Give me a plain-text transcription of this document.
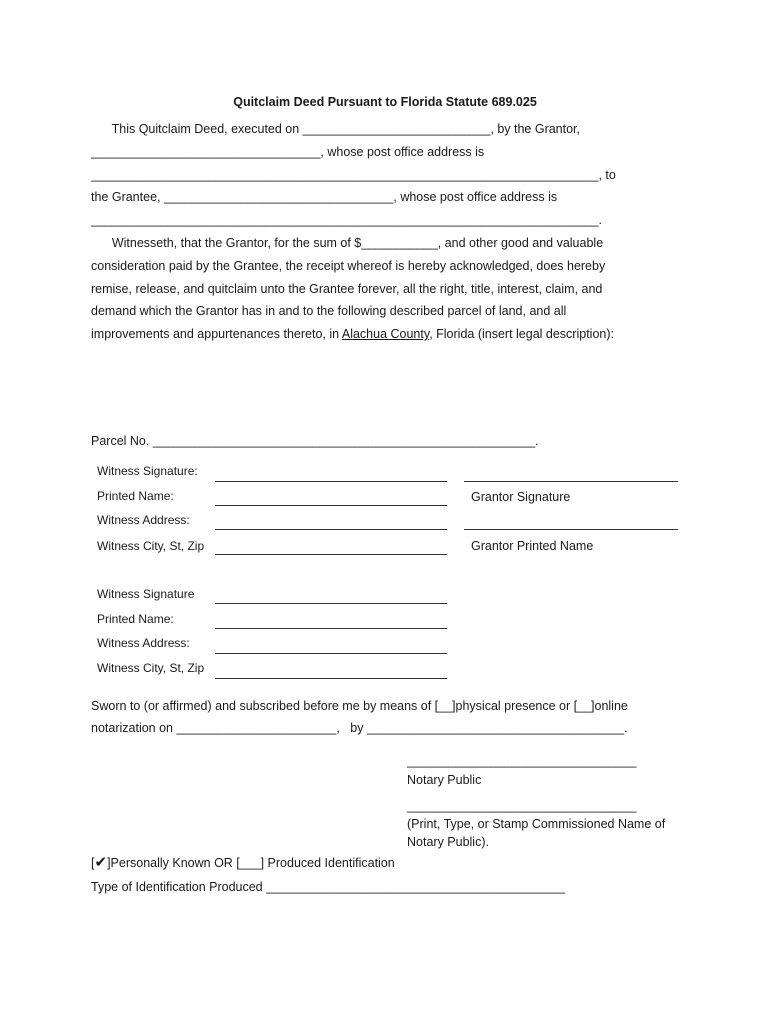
Quitclaim Deed Pursuant to Florida Statute 689.025
This Quitclaim Deed, executed on ___________________________, by the Grantor,
_________________________________, whose post office address is
_________________________________________________________________________, to
the Grantee, _________________________________, whose post office address is
_________________________________________________________________________.
Witnesseth, that the Grantor, for the sum of $___________, and other good and valuable
consideration paid by the Grantee, the receipt whereof is hereby acknowledged, does hereby
remise, release, and quitclaim unto the Grantee forever, all the right, title, interest, claim, and
demand which the Grantor has in and to the following described parcel of land, and all
improvements and appurtenances thereto, in Alachua County, Florida (insert legal description):
Parcel No. _______________________________________________________.
Witness Signature:
Printed Name:	Grantor Signature
Witness Address:
Witness City, St, Zip	Grantor Printed Name
Witness Signature
Printed Name:
Witness Address:
Witness City, St, Zip
Sworn to (or affirmed) and subscribed before me by means of [__]physical presence or [__]online
notarization on _______________________,   by _____________________________________.
_________________________________
Notary Public
_________________________________
(Print, Type, or Stamp Commissioned Name of
Notary Public).
[✔]Personally Known OR [___] Produced Identification
Type of Identification Produced ___________________________________________
